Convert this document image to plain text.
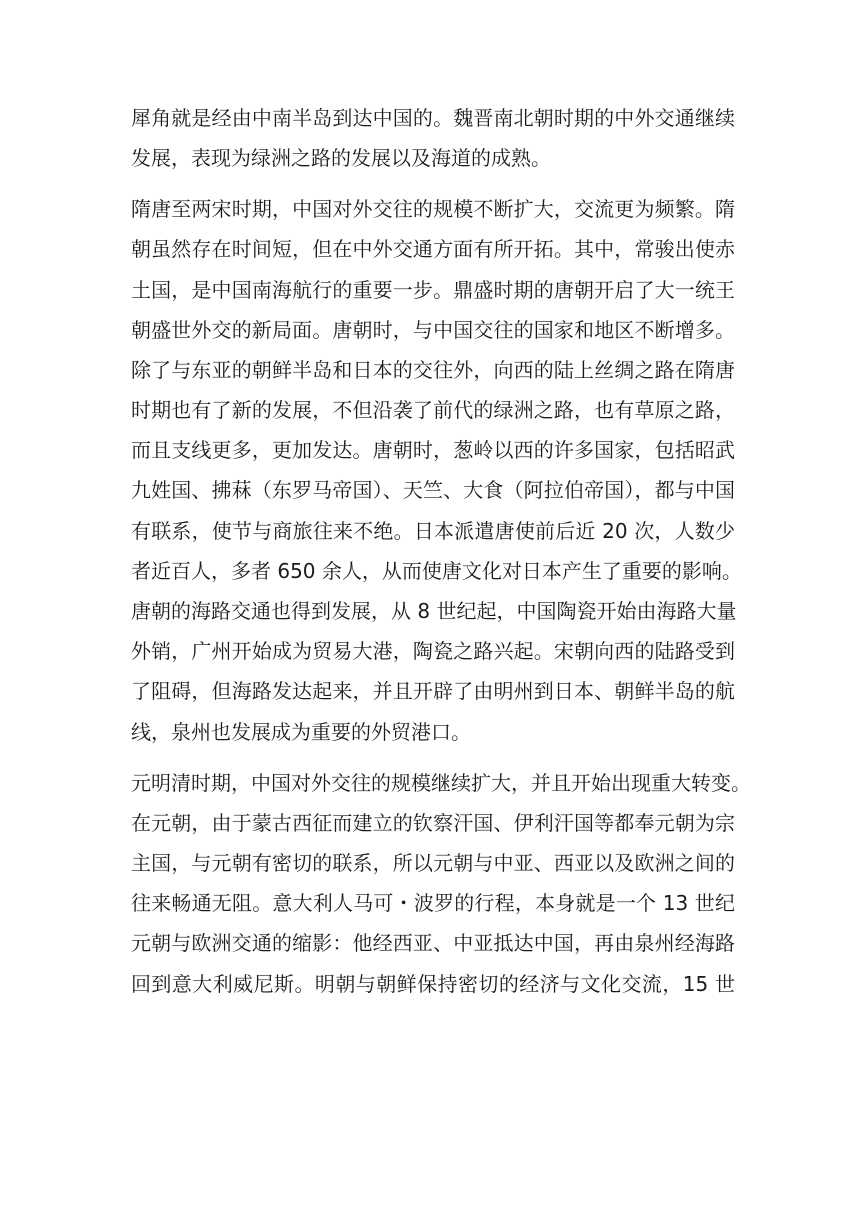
犀角就是经由中南半岛到达中国的。魏晋南北朝时期的中外交通继续
发展，表现为绿洲之路的发展以及海道的成熟。
隋唐至两宋时期，中国对外交往的规模不断扩大，交流更为频繁。隋
朝虽然存在时间短，但在中外交通方面有所开拓。其中，常骏出使赤
土国，是中国南海航行的重要一步。鼎盛时期的唐朝开启了大一统王
朝盛世外交的新局面。唐朝时，与中国交往的国家和地区不断增多。
除了与东亚的朝鲜半岛和日本的交往外，向西的陆上丝绸之路在隋唐
时期也有了新的发展，不但沿袭了前代的绿洲之路，也有草原之路，
而且支线更多，更加发达。唐朝时，葱岭以西的许多国家，包括昭武
九姓国、拂菻（东罗马帝国）、天竺、大食（阿拉伯帝国），都与中国
有联系，使节与商旅往来不绝。日本派遣唐使前后近 20 次，人数少
者近百人，多者 650 余人，从而使唐文化对日本产生了重要的影响。
唐朝的海路交通也得到发展，从 8 世纪起，中国陶瓷开始由海路大量
外销，广州开始成为贸易大港，陶瓷之路兴起。宋朝向西的陆路受到
了阻碍，但海路发达起来，并且开辟了由明州到日本、朝鲜半岛的航
线，泉州也发展成为重要的外贸港口。
元明清时期，中国对外交往的规模继续扩大，并且开始出现重大转变。
在元朝，由于蒙古西征而建立的钦察汗国、伊利汗国等都奉元朝为宗
主国，与元朝有密切的联系，所以元朝与中亚、西亚以及欧洲之间的
往来畅通无阻。意大利人马可・波罗的行程，本身就是一个 13 世纪
元朝与欧洲交通的缩影：他经西亚、中亚抵达中国，再由泉州经海路
回到意大利威尼斯。明朝与朝鲜保持密切的经济与文化交流，15 世
